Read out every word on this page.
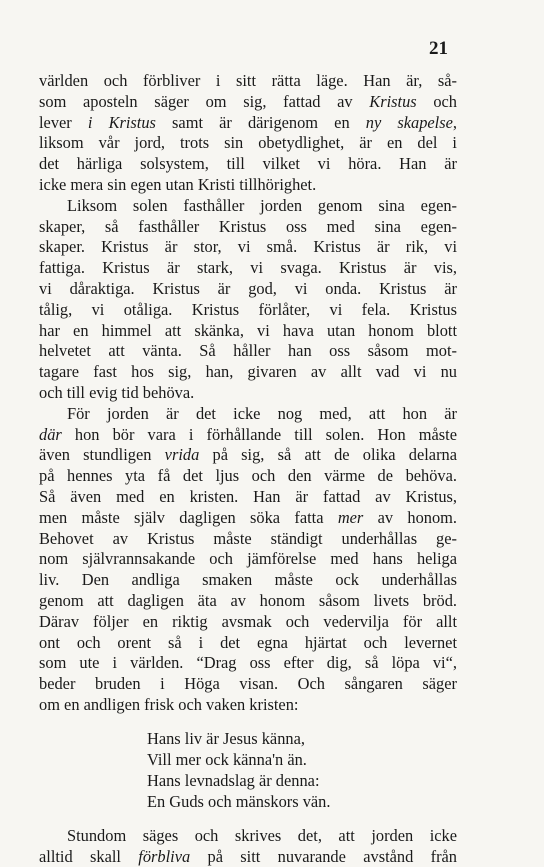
21
världen och förbliver i sitt rätta läge. Han är, så-
som aposteln säger om sig, fattad av Kristus och
lever i Kristus samt är därigenom en ny skapelse,
liksom vår jord, trots sin obetydlighet, är en del i
det härliga solsystem, till vilket vi höra. Han är
icke mera sin egen utan Kristi tillhörighet.
Liksom solen fasthåller jorden genom sina egen-
skaper, så fasthåller Kristus oss med sina egen-
skaper. Kristus är stor, vi små. Kristus är rik, vi
fattiga. Kristus är stark, vi svaga. Kristus är vis,
vi dåraktiga. Kristus är god, vi onda. Kristus är
tålig, vi otåliga. Kristus förlåter, vi fela. Kristus
har en himmel att skänka, vi hava utan honom blott
helvetet att vänta. Så håller han oss såsom mot-
tagare fast hos sig, han, givaren av allt vad vi nu
och till evig tid behöva.
För jorden är det icke nog med, att hon är
där hon bör vara i förhållande till solen. Hon måste
även stundligen vrida på sig, så att de olika delarna
på hennes yta få det ljus och den värme de behöva.
Så även med en kristen. Han är fattad av Kristus,
men måste själv dagligen söka fatta mer av honom.
Behovet av Kristus måste ständigt underhållas ge-
nom självrannsakande och jämförelse med hans heliga
liv. Den andliga smaken måste ock underhållas
genom att dagligen äta av honom såsom livets bröd.
Därav följer en riktig avsmak och vedervilja för allt
ont och orent så i det egna hjärtat och levernet
som ute i världen. “Drag oss efter dig, så löpa vi“,
beder bruden i Höga visan. Och sångaren säger
om en andligen frisk och vaken kristen:
Hans liv är Jesus känna,
Vill mer ock känna'n än.
Hans levnadslag är denna:
En Guds och mänskors vän.
Stundom säges och skrives det, att jorden icke
alltid skall förbliva på sitt nuvarande avstånd från
